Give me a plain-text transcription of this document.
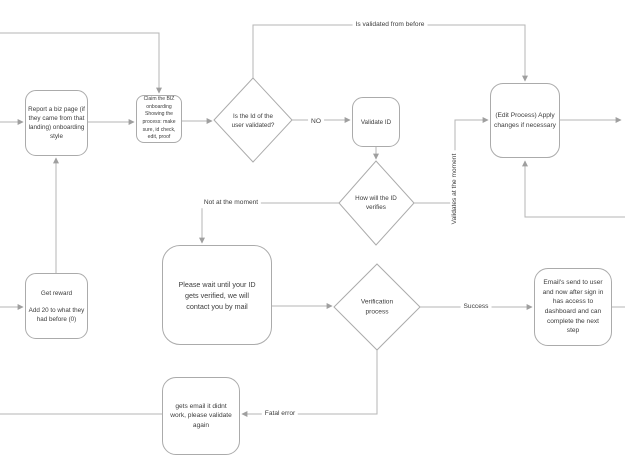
Report a biz page (if they came from that landing) onboarding style
Claim the BIZ onboarding Showing the process: make sure, id check, edit, proof
Validate ID
(Edit Process) Apply changes if necessary
Get reward
Add 20 to what they had before (0)
Please wait until your ID gets verified, we will contact you by mail
Email's send to user and now after sign in has access to dashboard and can complete the next step
gets email it didnt work, please validate again
Is the Id of the user validated?
How will the ID verifies
Verification process
Is validated from before
NO
Not at the moment	Validates at the moment
Success
Fatal error
